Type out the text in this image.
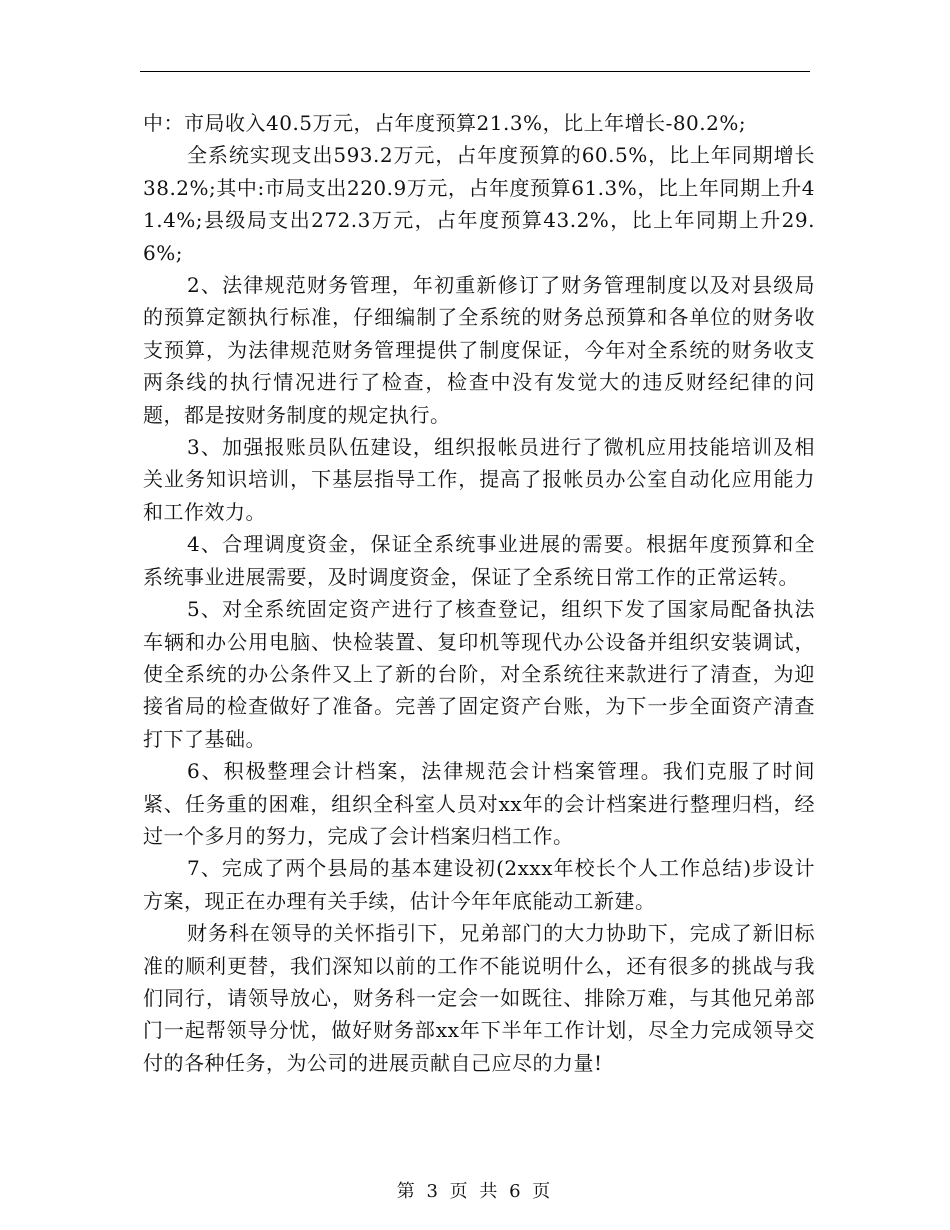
中：市局收入40.5万元，占年度预算21.3%，比上年增长-80.2%;

全系统实现支出593.2万元，占年度预算的60.5%，比上年同期增长38.2%;其中:市局支出220.9万元，占年度预算61.3%，比上年同期上升41.4%;县级局支出272.3万元，占年度预算43.2%，比上年同期上升29.6%;

2、法律规范财务管理，年初重新修订了财务管理制度以及对县级局的预算定额执行标准，仔细编制了全系统的财务总预算和各单位的财务收支预算，为法律规范财务管理提供了制度保证，今年对全系统的财务收支两条线的执行情况进行了检查，检查中没有发觉大的违反财经纪律的问题，都是按财务制度的规定执行。

3、加强报账员队伍建设，组织报帐员进行了微机应用技能培训及相关业务知识培训，下基层指导工作，提高了报帐员办公室自动化应用能力和工作效力。

4、合理调度资金，保证全系统事业进展的需要。根据年度预算和全系统事业进展需要，及时调度资金，保证了全系统日常工作的正常运转。

5、对全系统固定资产进行了核查登记，组织下发了国家局配备执法车辆和办公用电脑、快检装置、复印机等现代办公设备并组织安装调试，使全系统的办公条件又上了新的台阶，对全系统往来款进行了清查，为迎接省局的检查做好了准备。完善了固定资产台账，为下一步全面资产清查打下了基础。

6、积极整理会计档案，法律规范会计档案管理。我们克服了时间紧、任务重的困难，组织全科室人员对xx年的会计档案进行整理归档，经过一个多月的努力，完成了会计档案归档工作。

7、完成了两个县局的基本建设初(2xxx年校长个人工作总结)步设计方案，现正在办理有关手续，估计今年年底能动工新建。

财务科在领导的关怀指引下，兄弟部门的大力协助下，完成了新旧标准的顺利更替，我们深知以前的工作不能说明什么，还有很多的挑战与我们同行，请领导放心，财务科一定会一如既往、排除万难，与其他兄弟部门一起帮领导分忧，做好财务部xx年下半年工作计划，尽全力完成领导交付的各种任务，为公司的进展贡献自己应尽的力量!

第 3 页 共 6 页
